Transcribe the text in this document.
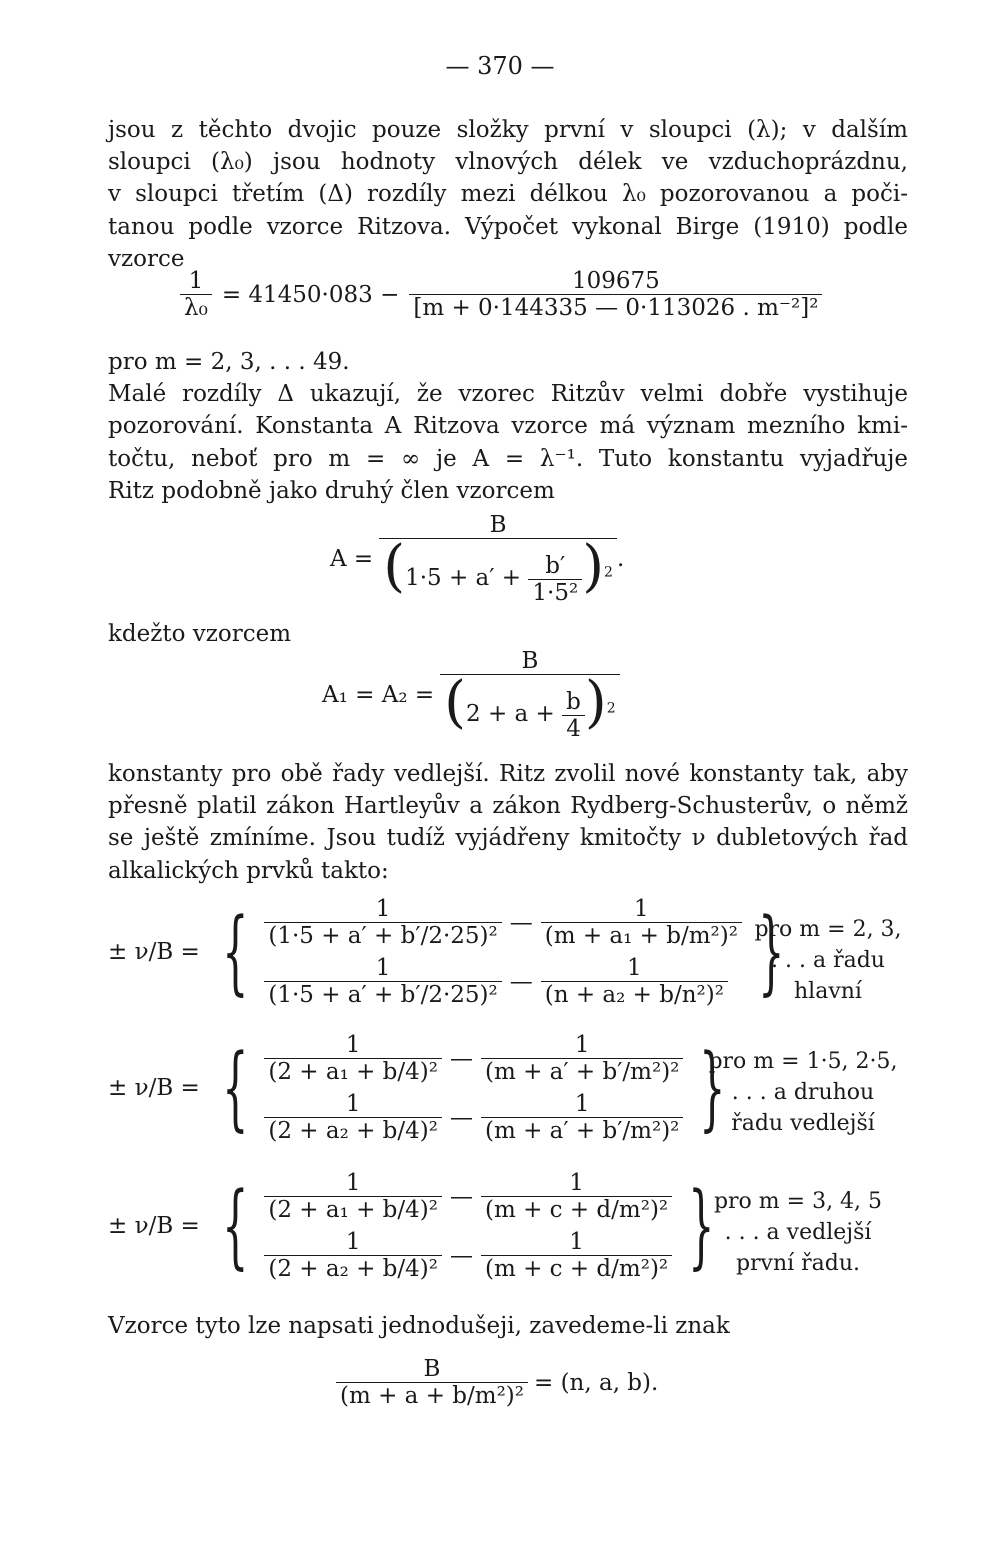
— 370 —
jsou z těchto dvojic pouze složky první v sloupci (λ); v dalším
sloupci (λ₀) jsou hodnoty vlnových délek ve vzduchoprázdnu,
v sloupci třetím (Δ) rozdíly mezi délkou λ₀ pozorovanou a poči-
tanou podle vzorce Ritzova. Výpočet vykonal Birge (1910) podle
vzorce
$\frac{1}{\text{λ₀}} = 41450\cdot 083 - \frac{109675}{\text{[m + 0·144335 — 0·113026 . m⁻²]²}}$
pro m = 2, 3, . . . 49.
Malé rozdíly Δ ukazují, že vzorec Ritzův velmi dobře vystihuje
pozorování. Konstanta A Ritzova vzorce má význam mezního kmi-
točtu, neboť pro m = ∞ je A = λ⁻¹. Tuto konstantu vyjadřuje
Ritz podobně jako druhý člen vzorcem
$A = \frac{B}{(1\cdot 5 + a' + \frac{b'}{\text{1·5²}} )^2}$ .
kdežto vzorcem
$A_1 = A_2 = \frac{B}{(2 + a + \frac{b}{4} )^2}$
konstanty pro obě řady vedlejší. Ritz zvolil nové konstanty tak, aby
přesně platil zákon Hartleyův a zákon Rydberg-Schusterův, o němž
se ještě zmíníme. Jsou tudíž vyjádřeny kmitočty ν dubletových řad
alkalických prvků takto:
± ν/B = { $\frac{1}{\text{(1·5 + a′ + b′/2·25)²}}$ — $\frac{1}{\text{(m + a₁ + b/m²)²}}$
$\frac{1}{\text{(1·5 + a′ + b′/2·25)²}}$ — $\frac{1}{\text{(n + a₂ + b/n²)²}}$ }
pro m = 2, 3,
. . . a řadu
hlavní
± ν/B = { $\frac{1}{\text{(2 + a₁ + b/4)²}}$ — $\frac{1}{\text{(m + a′ + b′/m²)²}}$
$\frac{1}{\text{(2 + a₂ + b/4)²}}$ — $\frac{1}{\text{(m + a′ + b′/m²)²}}$ }
pro m = 1·5, 2·5,
. . . a druhou
řadu vedlejší
± ν/B = { $\frac{1}{\text{(2 + a₁ + b/4)²}}$ — $\frac{1}{\text{(m + c + d/m²)²}}$
$\frac{1}{\text{(2 + a₂ + b/4)²}}$ — $\frac{1}{\text{(m + c + d/m²)²}}$ } pro m = 3, 4, 5
. . . a vedlejší
první řadu.
Vzorce tyto lze napsati jednodušeji, zavedeme-li znak
$\frac{B}{\text{(m + a + b/m²)²}} = (n$, a, b).
